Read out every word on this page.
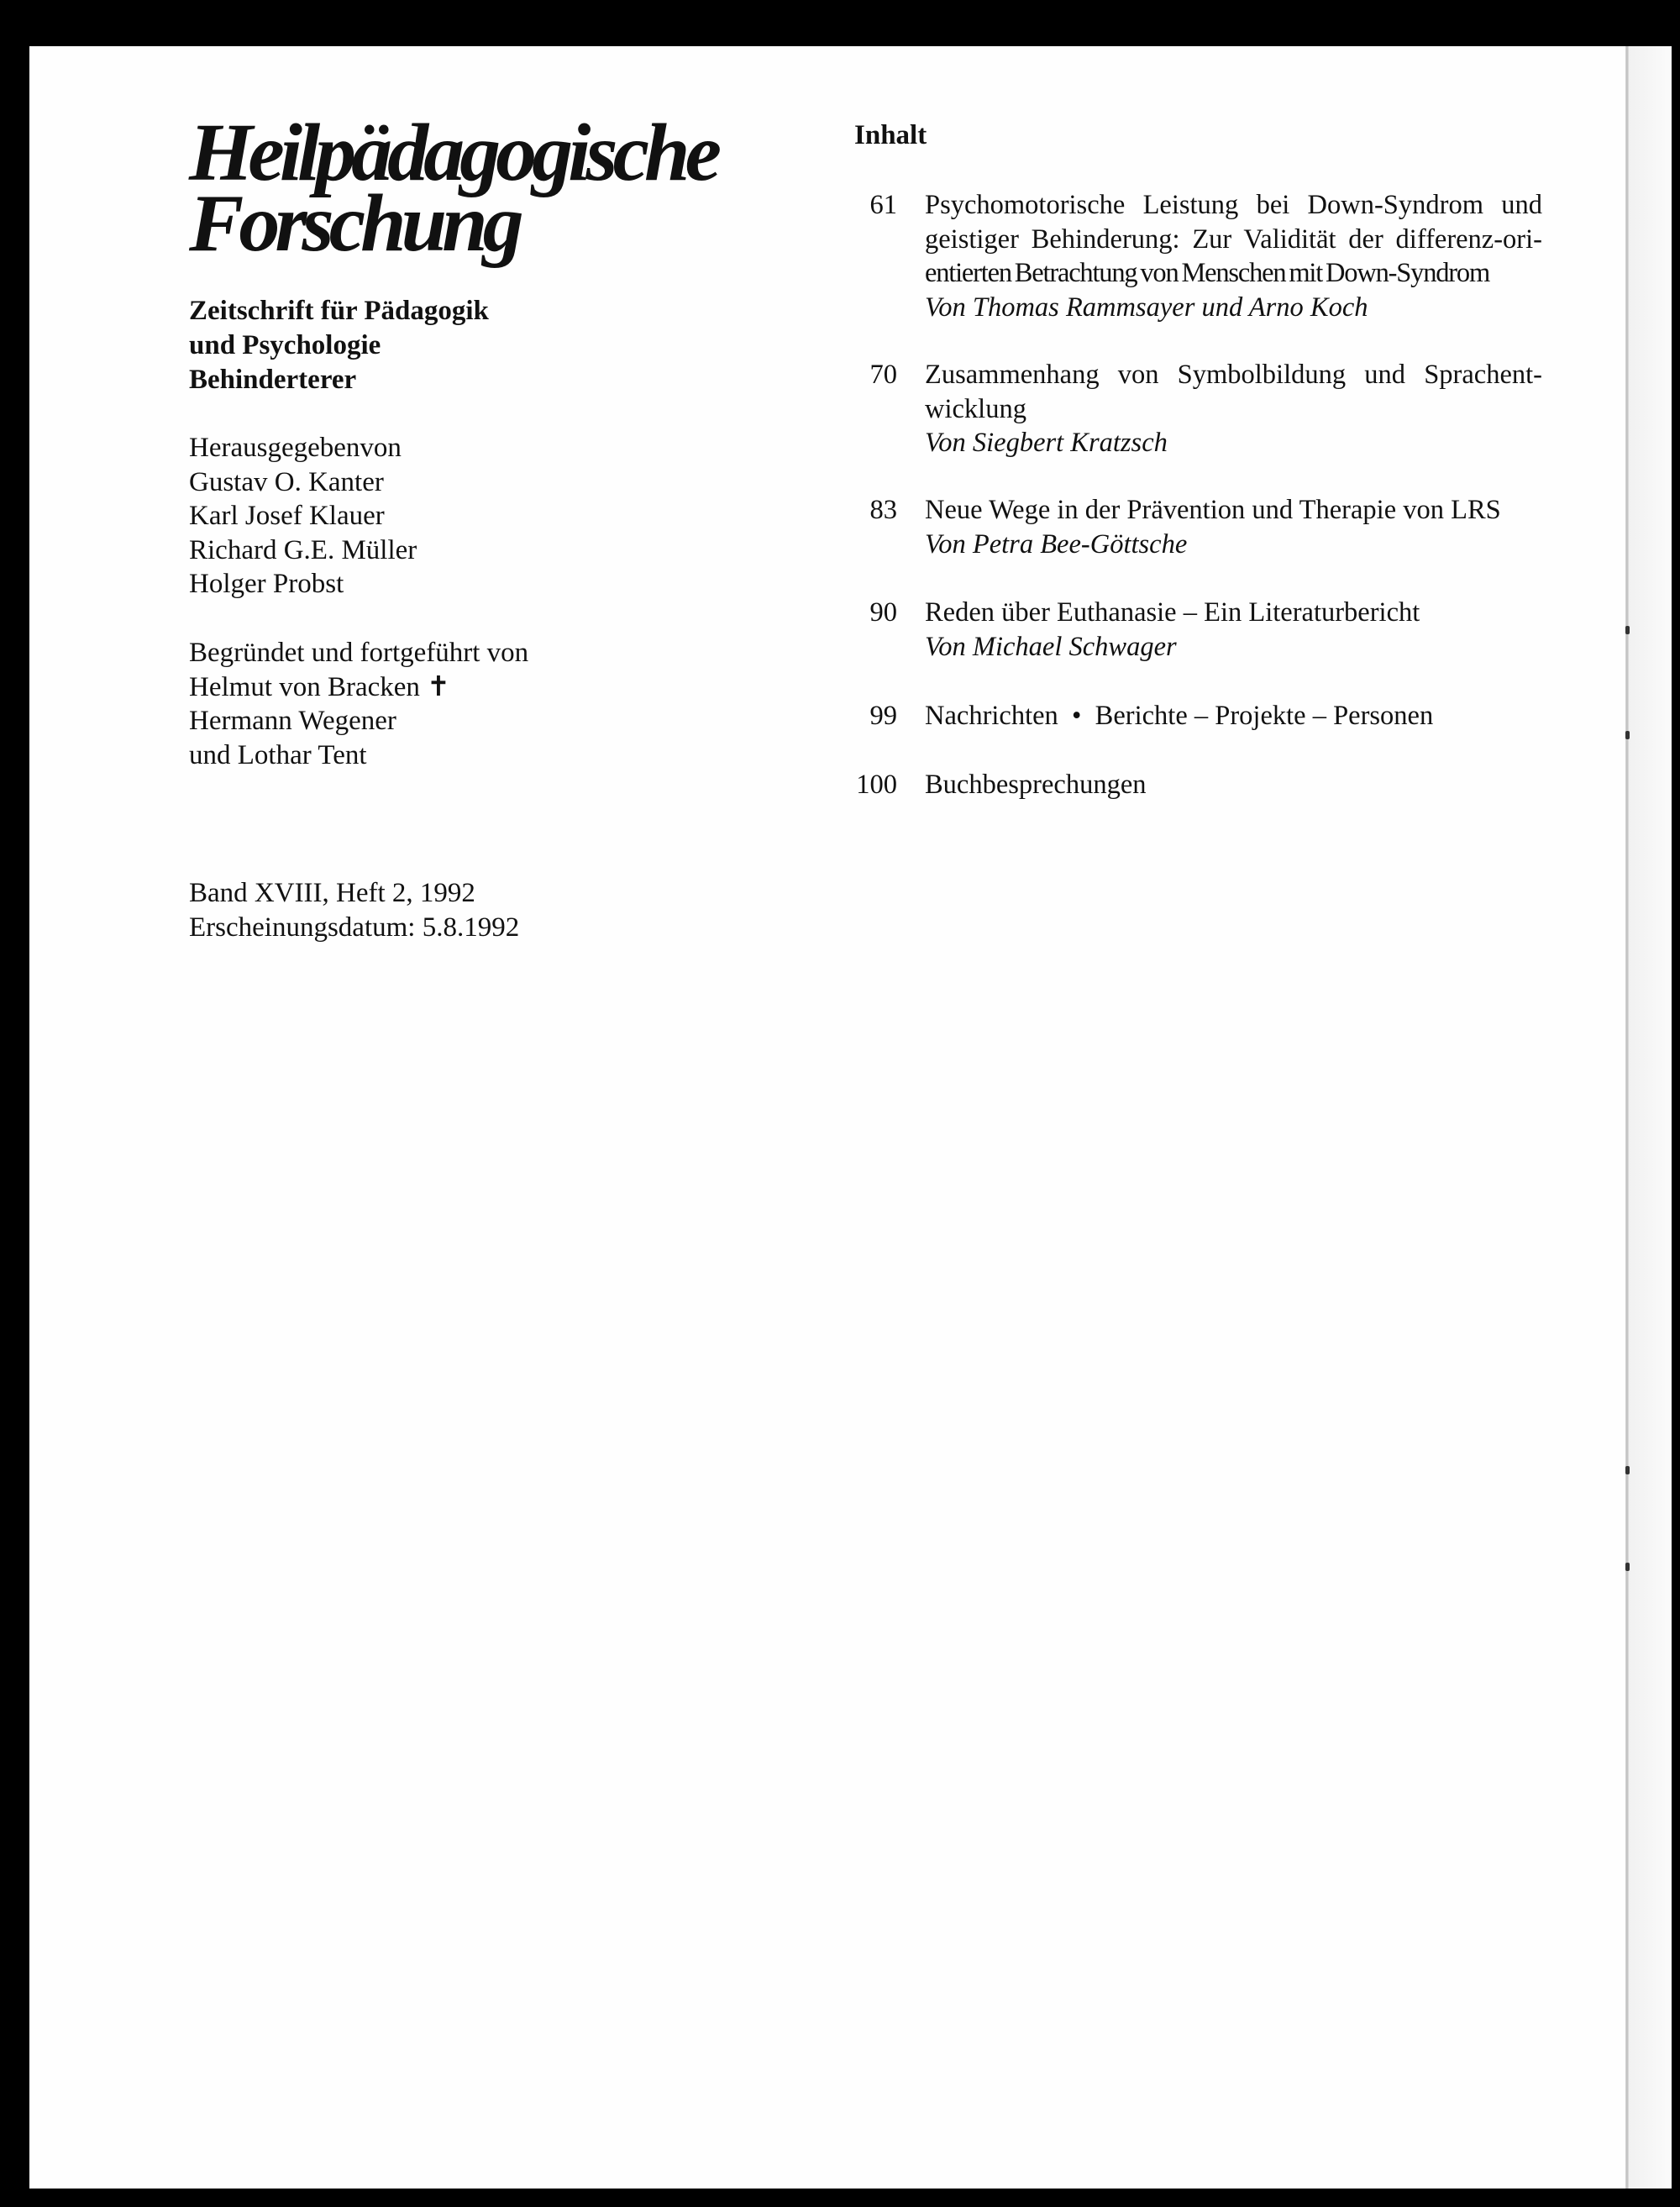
Heilpädagogische
Forschung
Zeitschrift für Pädagogik
und Psychologie
Behinderterer
Herausgegebenvon
Gustav O. Kanter
Karl Josef Klauer
Richard G.E. Müller
Holger Probst
Begründet und fortgeführt von
Helmut von Bracken ✝
Hermann Wegener
und Lothar Tent
Band XVIII, Heft 2, 1992
Erscheinungsdatum: 5.8.1992
Inhalt
61 Psychomotorische Leistung bei Down-Syndrom und
geistiger Behinderung: Zur Validität der differenz-ori-
entierten Betrachtung von Menschen mit Down-Syndrom
Von Thomas Rammsayer und Arno Koch
70 Zusammenhang von Symbolbildung und Sprachent-
wicklung
Von Siegbert Kratzsch
83 Neue Wege in der Prävention und Therapie von LRS
Von Petra Bee-Göttsche
90 Reden über Euthanasie – Ein Literaturbericht
Von Michael Schwager
99 Nachrichten  •  Berichte – Projekte – Personen
100 Buchbesprechungen
